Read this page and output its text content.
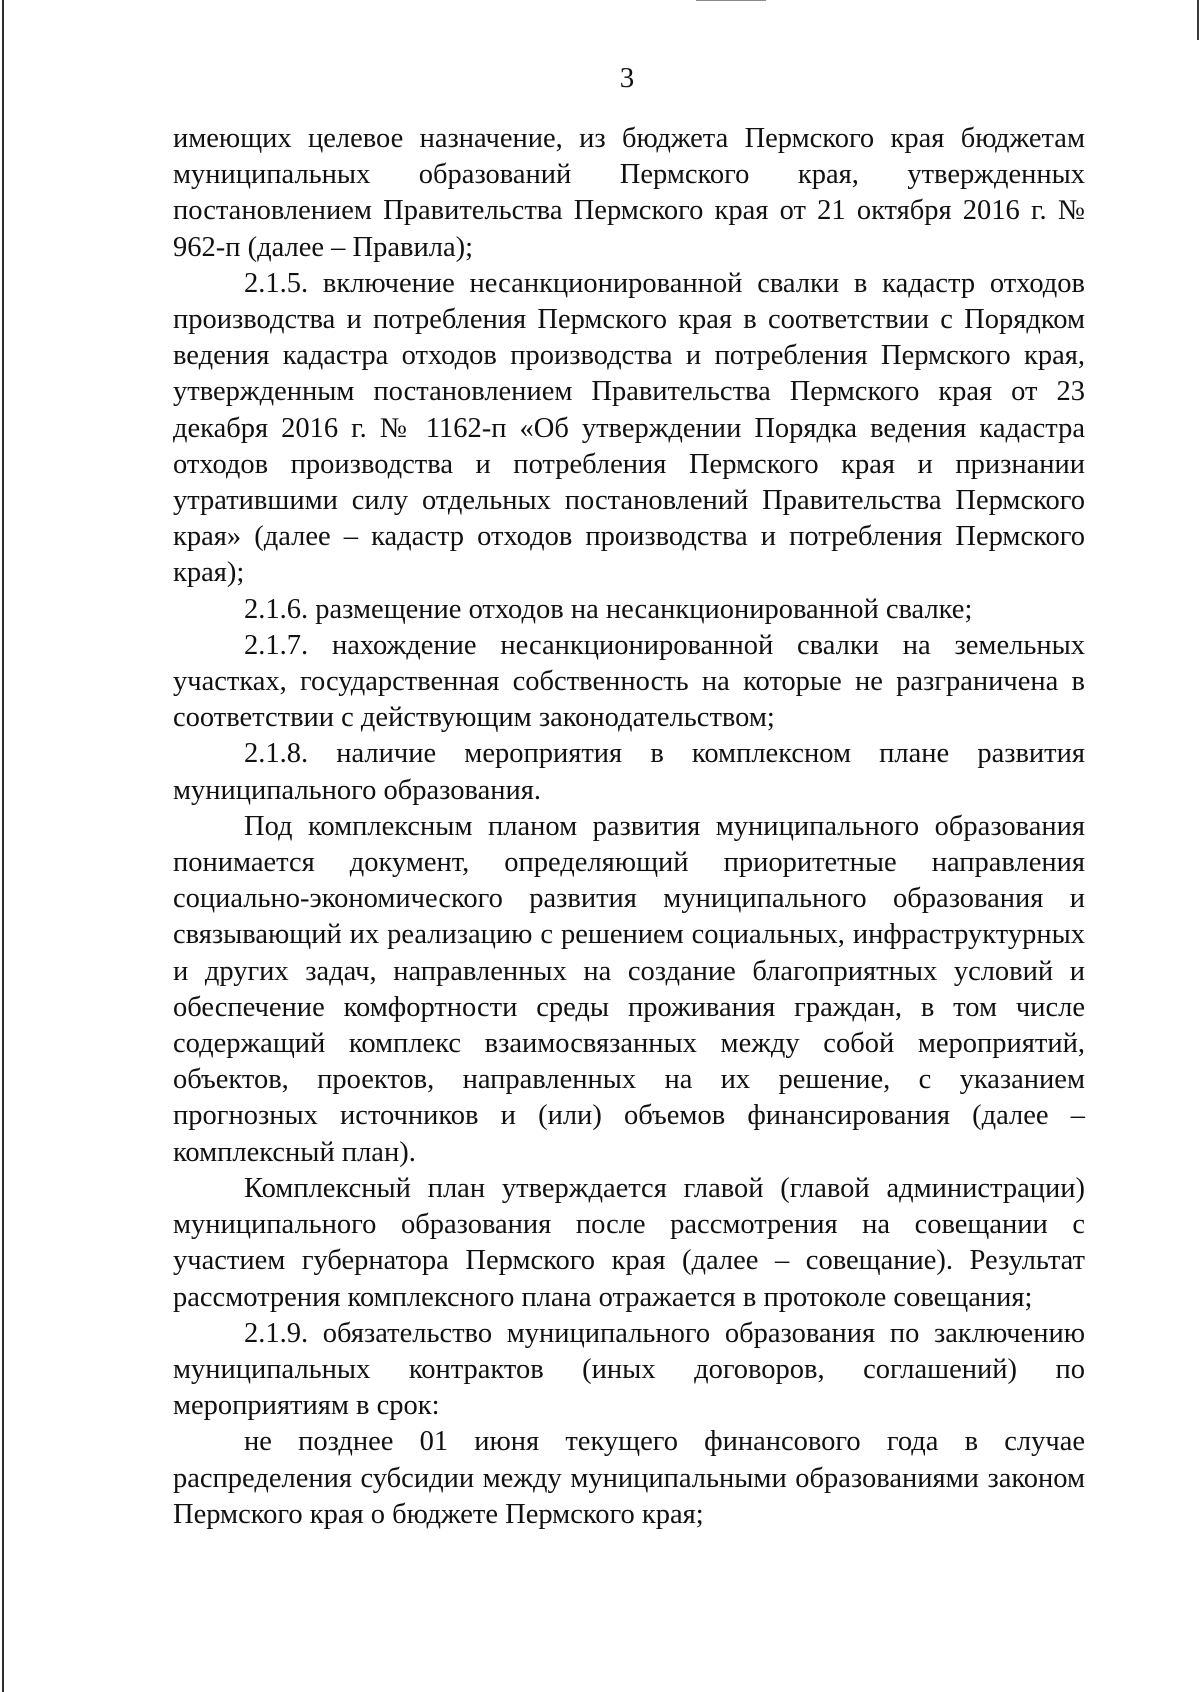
3

имеющих целевое назначение, из бюджета Пермского края бюджетам муниципальных образований Пермского края, утвержденных постановлением Правительства Пермского края от 21 октября 2016 г. № 962-п (далее – Правила);

2.1.5. включение несанкционированной свалки в кадастр отходов производства и потребления Пермского края в соответствии с Порядком ведения кадастра отходов производства и потребления Пермского края, утвержденным постановлением Правительства Пермского края от 23 декабря 2016 г. № 1162-п «Об утверждении Порядка ведения кадастра отходов производства и потребления Пермского края и признании утратившими силу отдельных постановлений Правительства Пермского края» (далее – кадастр отходов производства и потребления Пермского края);

2.1.6. размещение отходов на несанкционированной свалке;

2.1.7. нахождение несанкционированной свалки на земельных участках, государственная собственность на которые не разграничена в соответствии с действующим законодательством;

2.1.8. наличие мероприятия в комплексном плане развития муниципального образования.

Под комплексным планом развития муниципального образования понимается документ, определяющий приоритетные направления социально-экономического развития муниципального образования и связывающий их реализацию с решением социальных, инфраструктурных и других задач, направленных на создание благоприятных условий и обеспечение комфортности среды проживания граждан, в том числе содержащий комплекс взаимосвязанных между собой мероприятий, объектов, проектов, направленных на их решение, с указанием прогнозных источников и (или) объемов финансирования (далее – комплексный план).

Комплексный план утверждается главой (главой администрации) муниципального образования после рассмотрения на совещании с участием губернатора Пермского края (далее – совещание). Результат рассмотрения комплексного плана отражается в протоколе совещания;

2.1.9. обязательство муниципального образования по заключению муниципальных контрактов (иных договоров, соглашений) по мероприятиям в срок:

не позднее 01 июня текущего финансового года в случае распределения субсидии между муниципальными образованиями законом Пермского края о бюджете Пермского края;
